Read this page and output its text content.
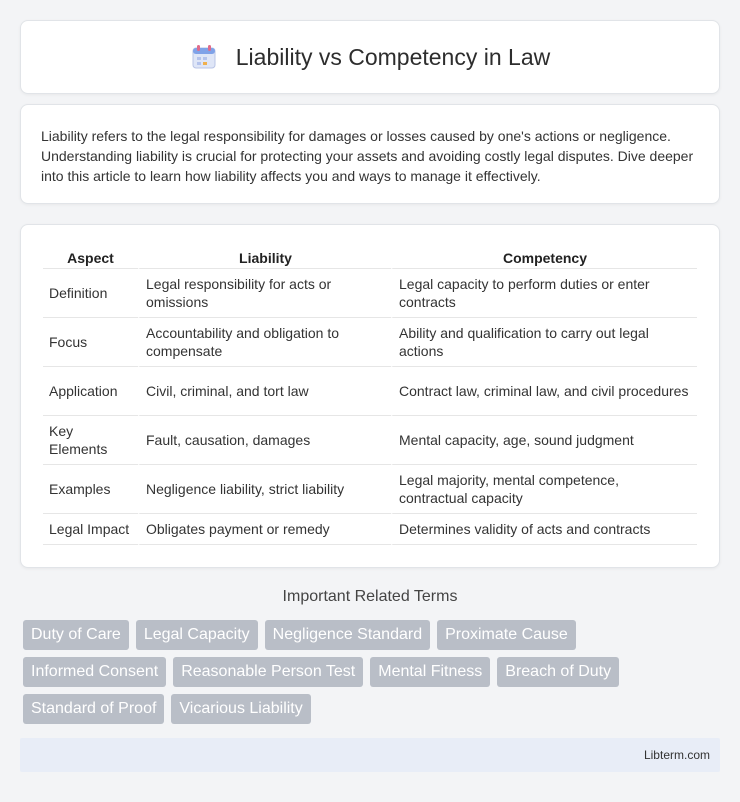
Liability vs Competency in Law

Liability refers to the legal responsibility for damages or losses caused by one's actions or negligence. Understanding liability is crucial for protecting your assets and avoiding costly legal disputes. Dive deeper into this article to learn how liability affects you and ways to manage it effectively.

Aspect	Liability	Competency
Definition	Legal responsibility for acts or omissions	Legal capacity to perform duties or enter contracts
Focus	Accountability and obligation to compensate	Ability and qualification to carry out legal actions
Application	Civil, criminal, and tort law	Contract law, criminal law, and civil procedures
Key Elements	Fault, causation, damages	Mental capacity, age, sound judgment
Examples	Negligence liability, strict liability	Legal majority, mental competence, contractual capacity
Legal Impact	Obligates payment or remedy	Determines validity of acts and contracts
Important Related Terms
Duty of Care	Legal Capacity	Negligence Standard	Proximate Cause
Informed Consent	Reasonable Person Test	Mental Fitness	Breach of Duty
Standard of Proof	Vicarious Liability
Libterm.com
